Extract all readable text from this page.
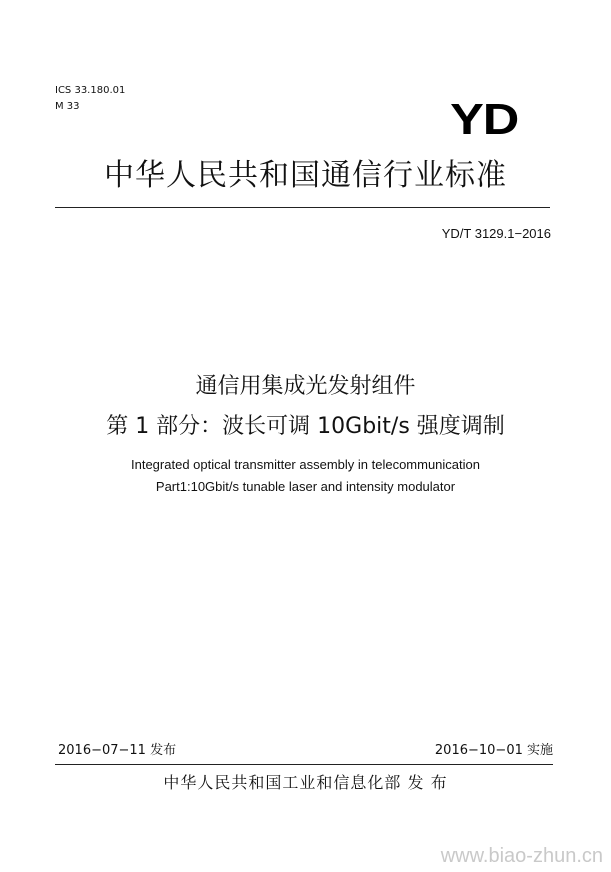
ICS 33.180.01
M 33	YD
中华人民共和国通信行业标准
YD/T 3129.1−2016
通信用集成光发射组件
第 1 部分：波长可调 10Gbit/s 强度调制
Integrated optical transmitter assembly in telecommunication
Part1:10Gbit/s tunable laser and intensity modulator
2016−07−11 发布	2016−10−01 实施
中华人民共和国工业和信息化部 发 布
www.biao-zhun.cn
